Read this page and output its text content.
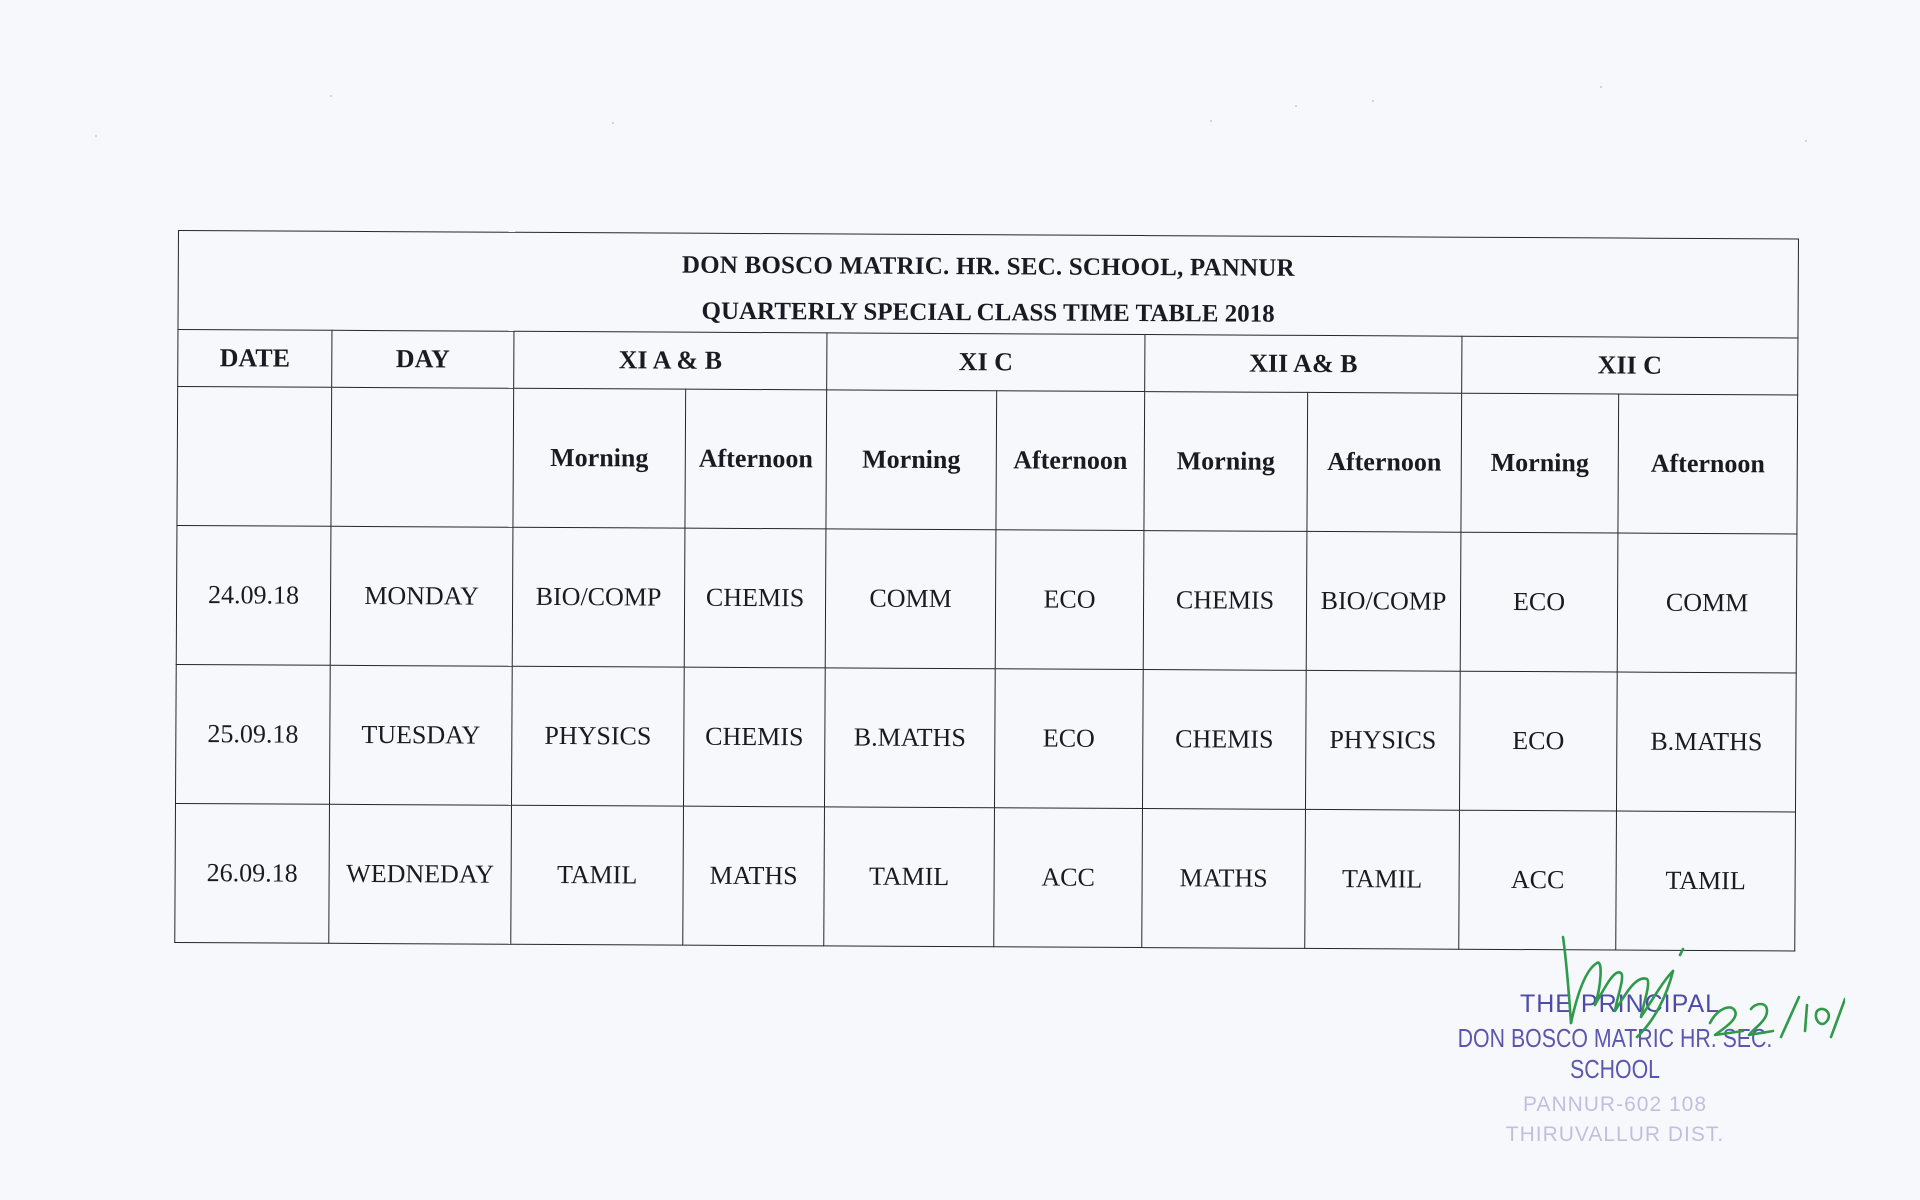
DON BOSCO MATRIC. HR. SEC. SCHOOL, PANNUR
QUARTERLY SPECIAL CLASS TIME TABLE 2018									

DATE	DAY	XI A & B		XI C		XII A& B		XII C	
		Morning	Afternoon	Morning	Afternoon	Morning	Afternoon	Morning	Afternoon
24.09.18	MONDAY	BIO/COMP	CHEMIS	COMM	ECO	CHEMIS	BIO/COMP	ECO	COMM
25.09.18	TUESDAY	PHYSICS	CHEMIS	B.MATHS	ECO	CHEMIS	PHYSICS	ECO	B.MATHS
26.09.18	WEDNEDAY	TAMIL	MATHS	TAMIL	ACC	MATHS	TAMIL	ACC	TAMIL
THE PRINCIPAL
DON BOSCO MATRIC HR. SEC. SCHOOL
PANNUR-602 108
THIRUVALLUR DIST.
